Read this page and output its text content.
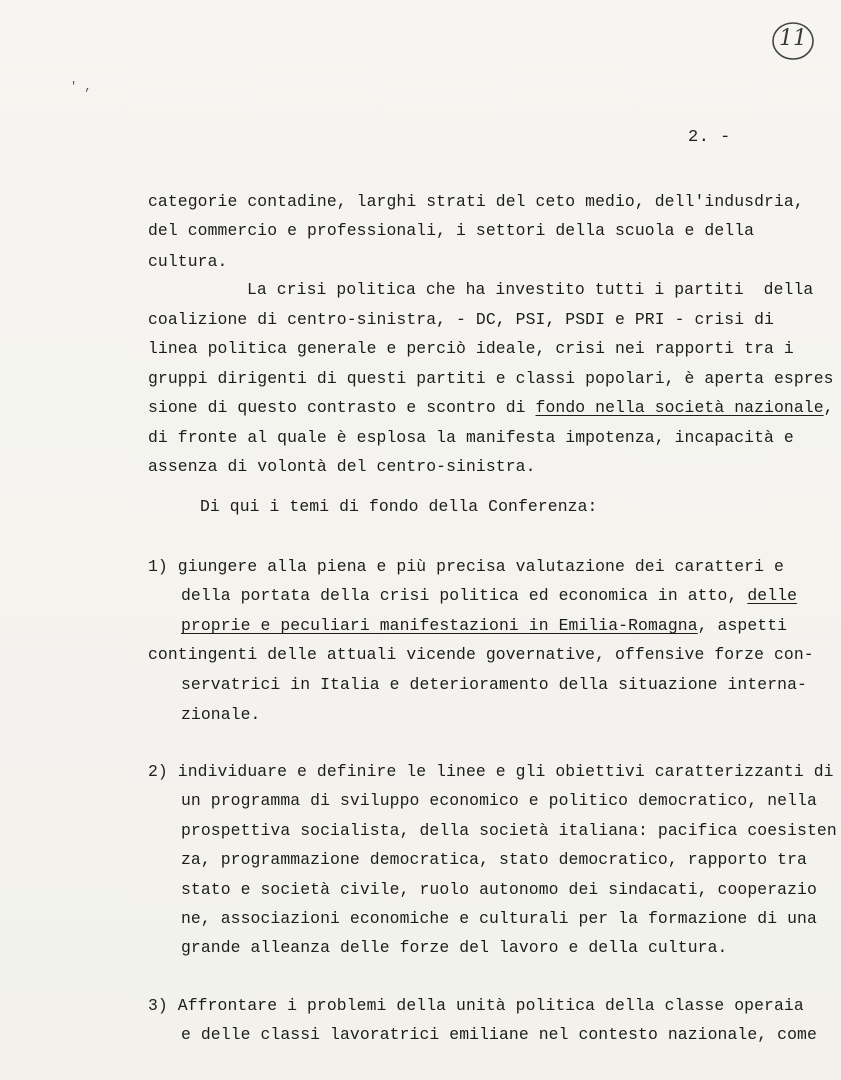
11
' ,
2. -
categorie contadine, larghi strati del ceto medio, dell'indusdria,
del commercio e professionali, i settori della scuola e della
cultura.
La crisi politica che ha investito tutti i partiti  della
coalizione di centro-sinistra, - DC, PSI, PSDI e PRI - crisi di
linea politica generale e perciò ideale, crisi nei rapporti tra i
gruppi dirigenti di questi partiti e classi popolari, è aperta espres
sione di questo contrasto e scontro di fondo nella società nazionale,
di fronte al quale è esplosa la manifesta impotenza, incapacità e
assenza di volontà del centro-sinistra.
Di qui i temi di fondo della Conferenza:
1) giungere alla piena e più precisa valutazione dei caratteri e
della portata della crisi politica ed economica in atto, delle
proprie e peculiari manifestazioni in Emilia-Romagna, aspetti
contingenti delle attuali vicende governative, offensive forze con-
servatrici in Italia e deterioramento della situazione interna-
zionale.
2) individuare e definire le linee e gli obiettivi caratterizzanti di
un programma di sviluppo economico e politico democratico, nella
prospettiva socialista, della società italiana: pacifica coesisten
za, programmazione democratica, stato democratico, rapporto tra
stato e società civile, ruolo autonomo dei sindacati, cooperazio
ne, associazioni economiche e culturali per la formazione di una
grande alleanza delle forze del lavoro e della cultura.
3) Affrontare i problemi della unità politica della classe operaia
e delle classi lavoratrici emiliane nel contesto nazionale, come
